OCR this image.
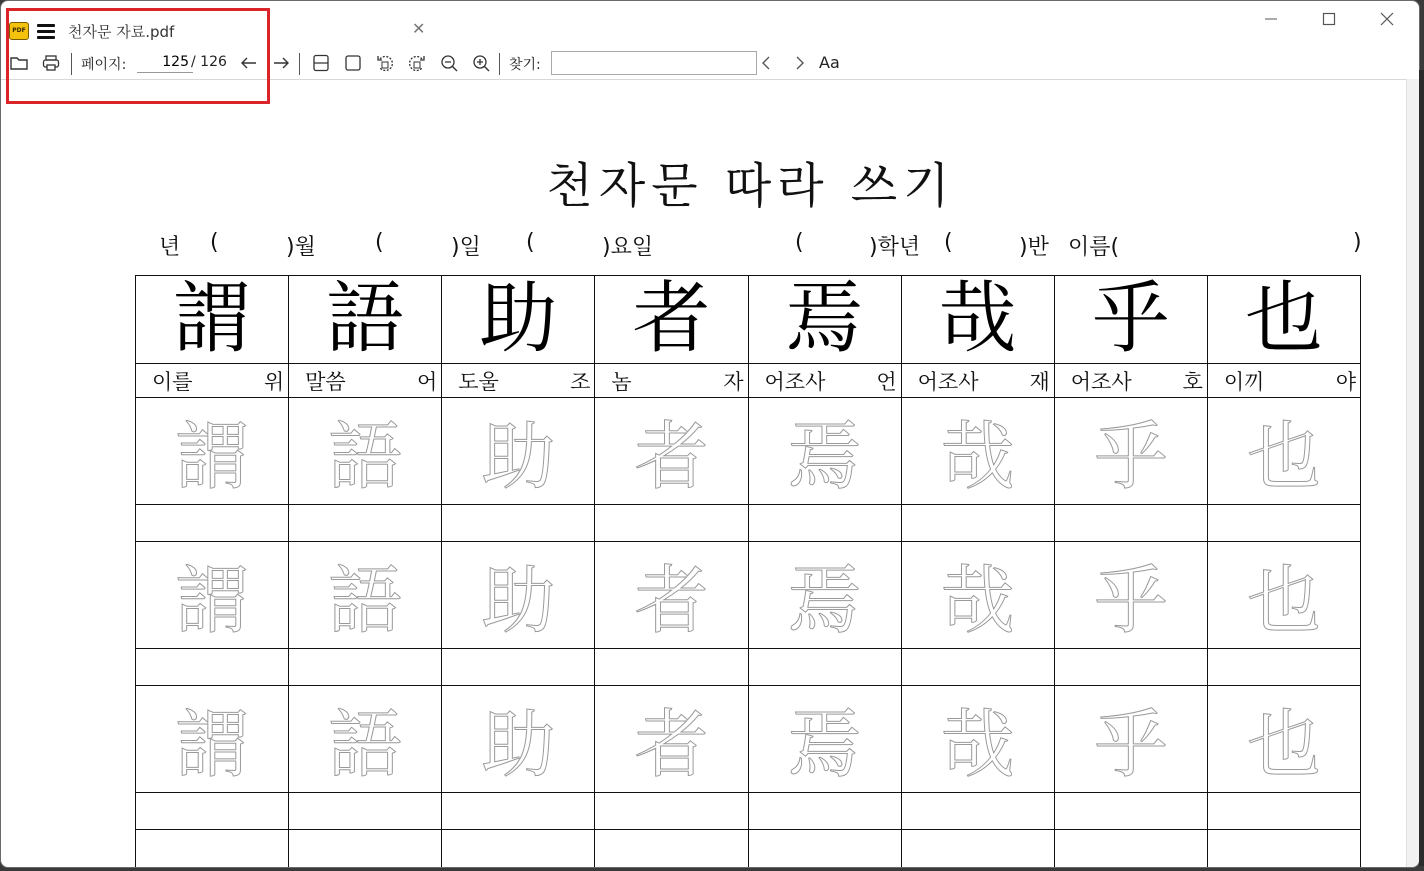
PDF	천자문 자료.pdf	✕
페이지:
125	/ 126	찾기:	Aa
천자문 따라 쓰기
년 (	)월	(	)일 (	)요일	(	)학년 (	)반 이름(	)
謂	語	助	者	焉	哉	乎	也

이를 위	말씀 어	도울 조	놈 자	어조사 언	어조사 재	어조사 호	이끼 야

謂	語	助	者	焉	哉	乎	也

謂	語	助	者	焉	哉	乎	也

謂	語	助	者	焉	哉	乎	也
